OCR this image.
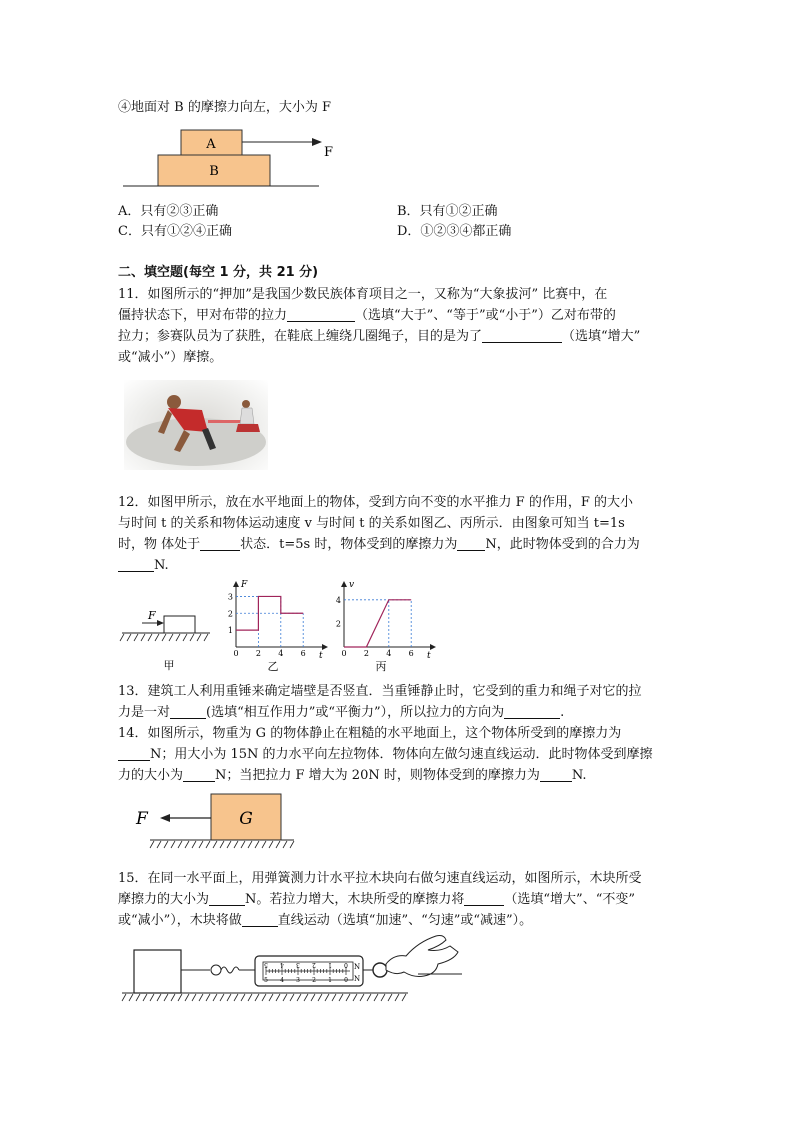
④地面对 B 的摩擦力向左，大小为 F
A
B
F
A．只有②③正确	B．只有①②正确
C．只有①②④正确	D．①②③④都正确
二、填空题(每空 1 分，共 21 分)
11．如图所示的“押加”是我国少数民族体育项目之一，又称为“大象拔河” 比赛中，在
僵持状态下，甲对布带的拉力	（选填“大于”、“等于”或“小于”）乙对布带的
拉力；参赛队员为了获胜，在鞋底上缠绕几圈绳子，目的是为了	（选填“增大”
或“减小”）摩擦。
12．如图甲所示，放在水平地面上的物体，受到方向不变的水平推力 F 的作用，F 的大小
与时间 t 的关系和物体运动速度 v 与时间 t 的关系如图乙、丙所示．由图象可知当 t=1s
时，物 体处于	状态．t=5s 时，物体受到的摩擦力为 N，此时物体受到的合力为
N.
F
甲
F
t
0 2 4 6
1
2
3
乙
v
t
0 2 4 6
2
4
丙
13．建筑工人利用重锤来确定墙壁是否竖直．当重锤静止时，它受到的重力和绳子对它的拉
力是一对	(选填“相互作用力”或“平衡力”），所以拉力的方向为	.
14．如图所示，物重为 G 的物体静止在粗糙的水平地面上，这个物体所受到的摩擦力为
N；用大小为 15N 的力水平向左拉物体．物体向左做匀速直线运动．此时物体受到摩擦
力的大小为 N；当把拉力 F 增大为 20N 时，则物体受到的摩擦力为 N.
G
F
15．在同一水平面上，用弹簧测力计水平拉木块向右做匀速直线运动，如图所示，木块所受
摩擦力的大小为	N。若拉力增大，木块所受的摩擦力将	（选填“增大”、“不变”
或“减小”），木块将做	直线运动（选填“加速”、“匀速”或“减速”）。
0
1
2
3
4
5
0
1
2
3
4
5
N
N
